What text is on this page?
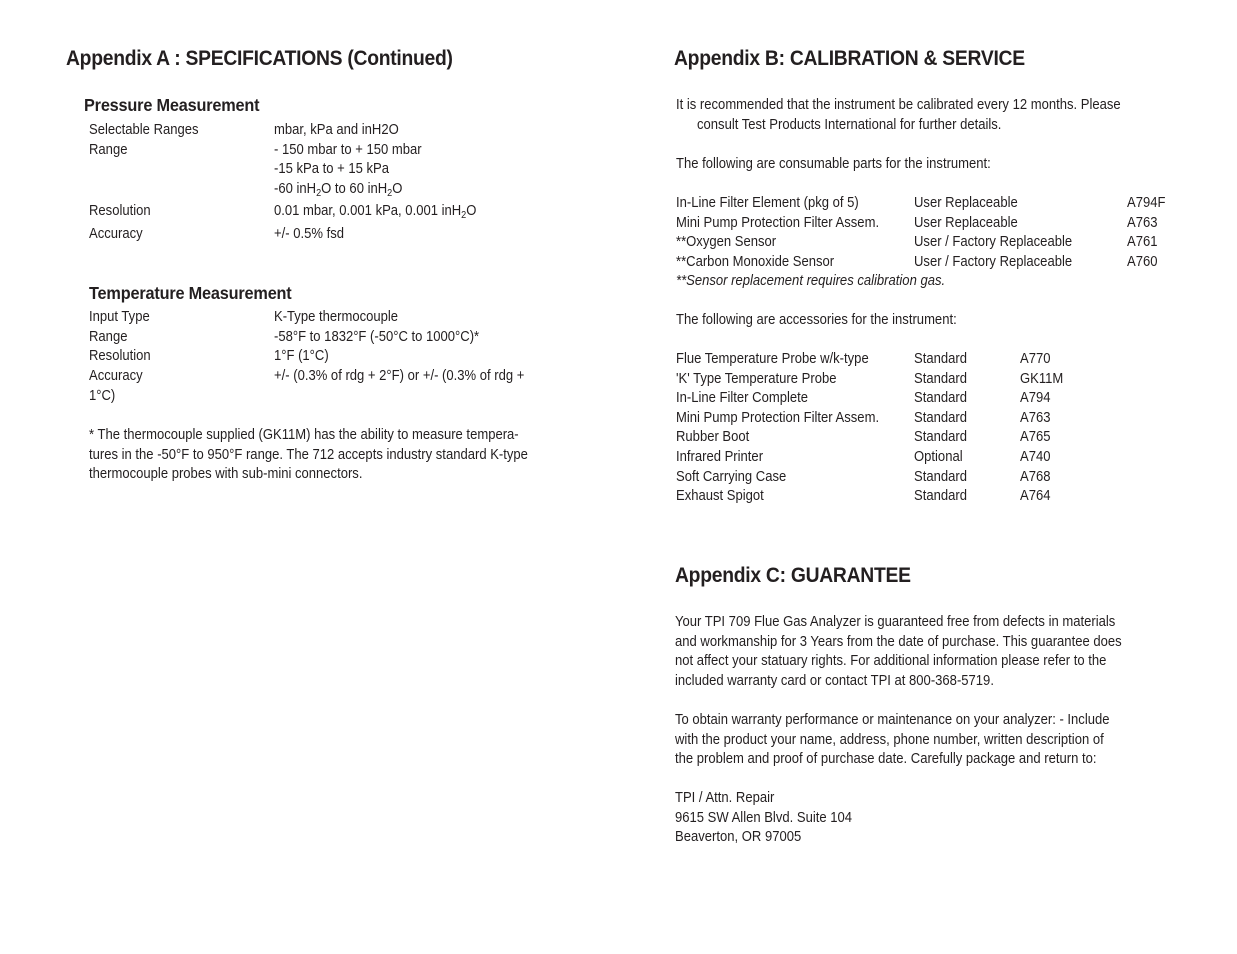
Appendix A : SPECIFICATIONS (Continued)
Pressure Measurement
Selectable Ranges	mbar, kPa and inH2O
Range	- 150 mbar to + 150 mbar
-15 kPa to + 15 kPa
-60 inH$_2$O to 60 inH$_2$O
Resolution	0.01 mbar, 0.001 kPa, 0.001 inH$_2$O
Accuracy	+/- 0.5% fsd
Temperature Measurement
Input Type	K-Type thermocouple
Range	-58°F to 1832°F (-50°C to 1000°C)*
Resolution	1°F (1°C)
Accuracy	+/- (0.3% of rdg + 2°F) or +/- (0.3% of rdg +
1°C)
* The thermocouple supplied (GK11M) has the ability to measure tempera-
tures in the -50°F to 950°F range. The 712 accepts industry standard K-type
thermocouple probes with sub-mini connectors.
Appendix B: CALIBRATION & SERVICE
It is recommended that the instrument be calibrated every 12 months. Please
consult Test Products International for further details.
The following are consumable parts for the instrument:
In-Line Filter Element (pkg of 5)	User Replaceable	A794F
Mini Pump Protection Filter Assem. User Replaceable	A763
**Oxygen Sensor	User / Factory Replaceable	A761
**Carbon Monoxide Sensor	User / Factory Replaceable	A760
**Sensor replacement requires calibration gas.
The following are accessories for the instrument:
Flue Temperature Probe w/k-type	Standard	A770
'K' Type Temperature Probe	Standard	GK11M
In-Line Filter Complete	Standard	A794
Mini Pump Protection Filter Assem. Standard	A763
Rubber Boot	Standard	A765
Infrared Printer	Optional	A740
Soft Carrying Case	Standard	A768
Exhaust Spigot	Standard	A764
Appendix C: GUARANTEE
Your TPI 709 Flue Gas Analyzer is guaranteed free from defects in materials
and workmanship for 3 Years from the date of purchase. This guarantee does
not affect your statuary rights. For additional information please refer to the
included warranty card or contact TPI at 800-368-5719.
To obtain warranty performance or maintenance on your analyzer: - Include
with the product your name, address, phone number, written description of
the problem and proof of purchase date. Carefully package and return to:
TPI / Attn. Repair
9615 SW Allen Blvd. Suite 104
Beaverton, OR 97005
